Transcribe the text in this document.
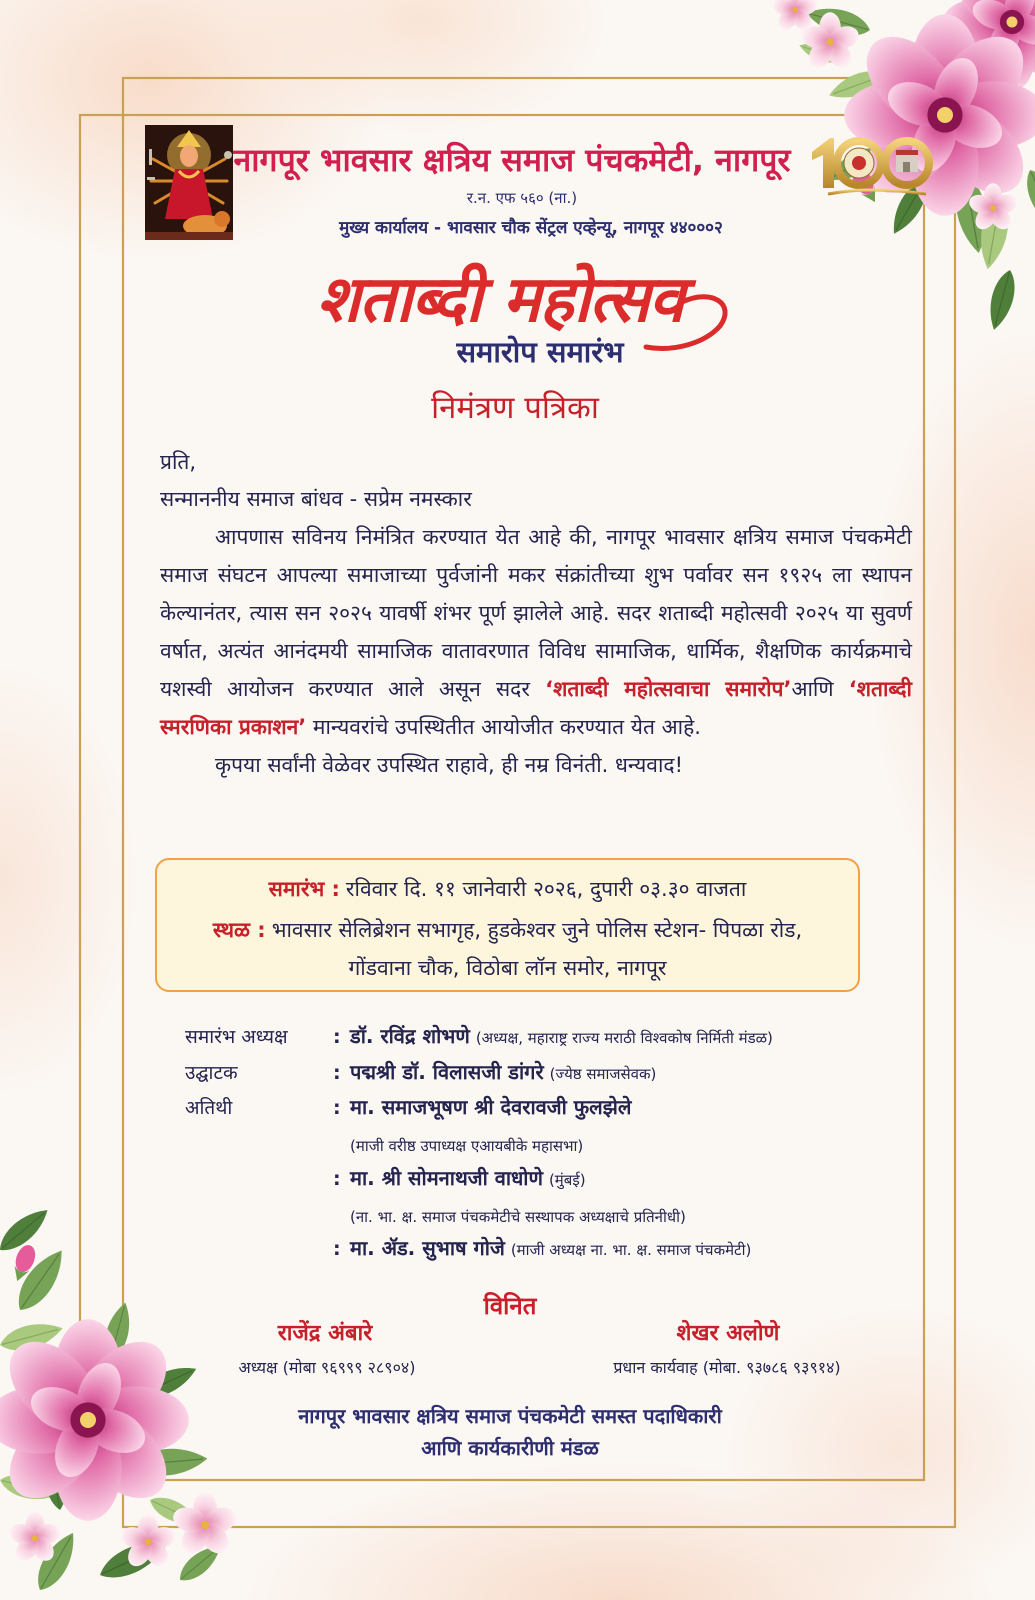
नागपूर भावसार क्षत्रिय समाज पंचकमेटी, नागपूर
र.न. एफ ५६० (ना.)
मुख्य कार्यालय - भावसार चौक सेंट्रल एव्हेन्यू, नागपूर ४४०००२
शताब्दी महोत्सव
समारोप समारंभ
निमंत्रण पत्रिका
प्रति,
सन्माननीय समाज बांधव - सप्रेम नमस्कार

आपणास सविनय निमंत्रित करण्यात येत आहे की, नागपूर भावसार क्षत्रिय समाज पंचकमेटी समाज संघटन आपल्या समाजाच्या पुर्वजांनी मकर संक्रांतीच्या शुभ पर्वावर सन १९२५ ला स्थापन केल्यानंतर, त्यास सन २०२५ यावर्षी शंभर पूर्ण झालेले आहे. सदर शताब्दी महोत्सवी २०२५ या सुवर्ण वर्षात, अत्यंत आनंदमयी सामाजिक वातावरणात विविध सामाजिक, धार्मिक, शैक्षणिक कार्यक्रमाचे यशस्वी आयोजन करण्यात आले असून सदर ‘शताब्दी महोत्सवाचा समारोप’आणि ‘शताब्दी स्मरणिका प्रकाशन’ मान्यवरांचे उपस्थितीत आयोजीत करण्यात येत आहे.

कृपया सर्वांनी वेळेवर उपस्थित राहावे, ही नम्र विनंती. धन्यवाद!

समारंभ : रविवार दि. ११ जानेवारी २०२६, दुपारी ०३.३० वाजता
स्थळ : भावसार सेलिब्रेशन सभागृह, हुडकेश्वर जुने पोलिस स्टेशन- पिपळा रोड,
गोंडवाना चौक, विठोबा लॉन समोर, नागपूर
समारंभ अध्यक्ष : डॉ. रविंद्र शोभणे (अध्यक्ष, महाराष्ट्र राज्य मराठी विश्वकोष निर्मिती मंडळ)
उद्घाटक	: पद्मश्री डॉ. विलासजी डांगरे (ज्येष्ठ समाजसेवक)
अतिथी	: मा. समाजभूषण श्री देवरावजी फुलझेले
(माजी वरीष्ठ उपाध्यक्ष एआयबीके महासभा)
: मा. श्री सोमनाथजी वाधोणे (मुंबई)
(ना. भा. क्ष. समाज पंचकमेटीचे सस्थापक अध्यक्षाचे प्रतिनीधी)
: मा. ॲड. सुभाष गोजे (माजी अध्यक्ष ना. भा. क्ष. समाज पंचकमेटी)
विनित
राजेंद्र अंबारे	शेखर अलोणे
अध्यक्ष (मोबा ९६९९९ २८९०४)	प्रधान कार्यवाह (मोबा. ९३७८६ ९३९१४)
नागपूर भावसार क्षत्रिय समाज पंचकमेटी समस्त पदाधिकारी
आणि कार्यकारीणी मंडळ
